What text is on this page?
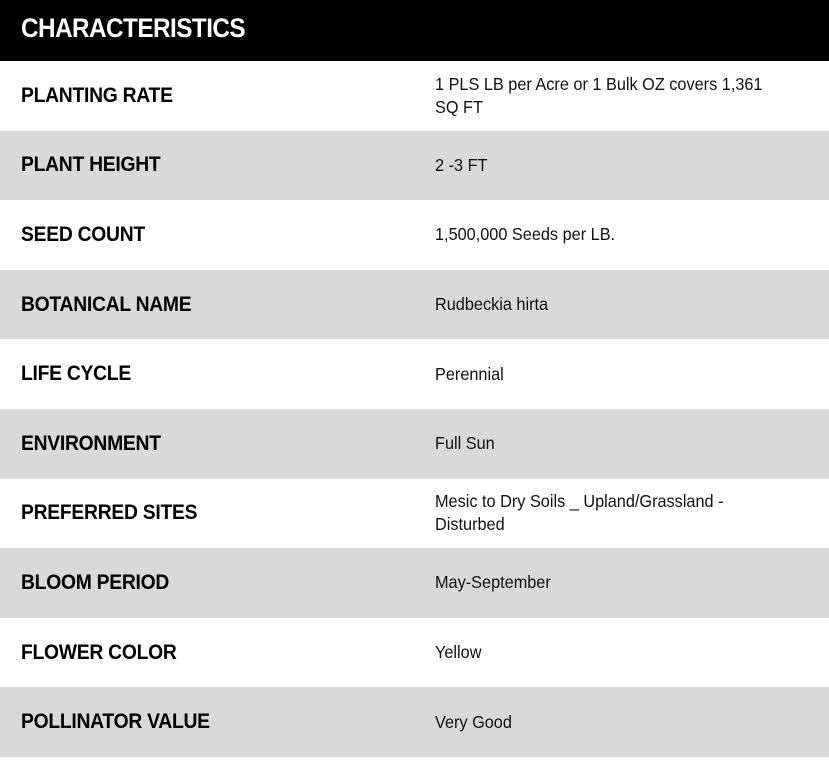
CHARACTERISTICS
PLANTING RATE	1 PLS LB per Acre or 1 Bulk OZ covers 1,361 SQ FT
PLANT HEIGHT	2 -3 FT
SEED COUNT	1,500,000 Seeds per LB.
BOTANICAL NAME	Rudbeckia hirta
LIFE CYCLE	Perennial
ENVIRONMENT	Full Sun
PREFERRED SITES	Mesic to Dry Soils _ Upland/Grassland - Disturbed
BLOOM PERIOD	May-September
FLOWER COLOR	Yellow
POLLINATOR VALUE	Very Good
